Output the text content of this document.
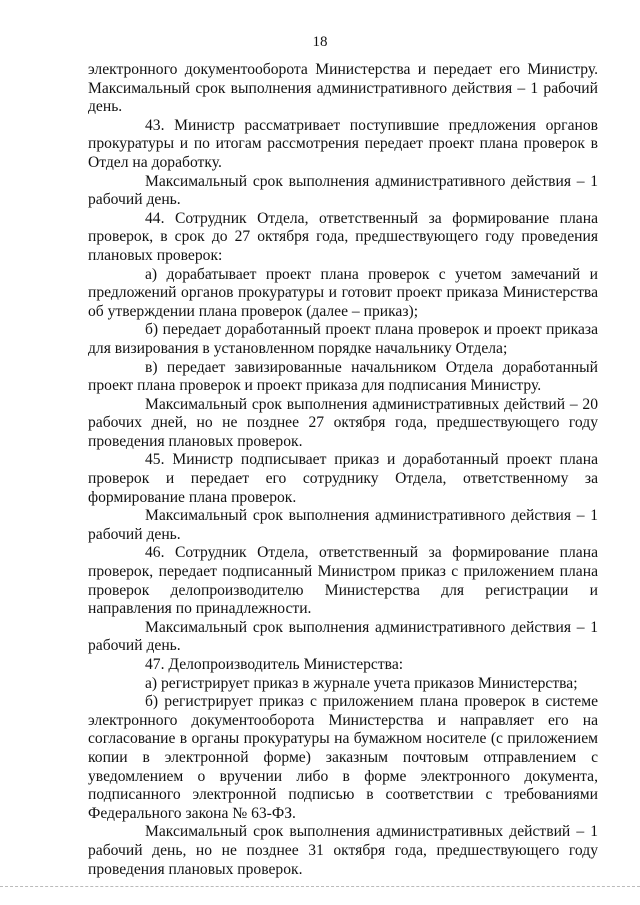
18

электронного документооборота Министерства и передает его Министру. Максимальный срок выполнения административного действия – 1 рабочий день.

43. Министр рассматривает поступившие предложения органов прокуратуры и по итогам рассмотрения передает проект плана проверок в Отдел на доработку.

Максимальный срок выполнения административного действия – 1 рабочий день.

44. Сотрудник Отдела, ответственный за формирование плана проверок, в срок до 27 октября года, предшествующего году проведения плановых проверок:

а) дорабатывает проект плана проверок с учетом замечаний и предложений органов прокуратуры и готовит проект приказа Министерства об утверждении плана проверок (далее – приказ);

б) передает доработанный проект плана проверок и проект приказа для визирования в установленном порядке начальнику Отдела;

в) передает завизированные начальником Отдела доработанный проект плана проверок и проект приказа для подписания Министру.

Максимальный срок выполнения административных действий – 20 рабочих дней, но не позднее 27 октября года, предшествующего году проведения плановых проверок.

45. Министр подписывает приказ и доработанный проект плана проверок и передает его сотруднику Отдела, ответственному за формирование плана проверок.

Максимальный срок выполнения административного действия – 1 рабочий день.

46. Сотрудник Отдела, ответственный за формирование плана проверок, передает подписанный Министром приказ с приложением плана проверок делопроизводителю Министерства для регистрации и направления по принадлежности.

Максимальный срок выполнения административного действия – 1 рабочий день.

47. Делопроизводитель Министерства:

а) регистрирует приказ в журнале учета приказов Министерства;

б) регистрирует приказ с приложением плана проверок в системе электронного документооборота Министерства и направляет его на согласование в органы прокуратуры на бумажном носителе (с приложением копии в электронной форме) заказным почтовым отправлением с уведомлением о вручении либо в форме электронного документа, подписанного электронной подписью в соответствии с требованиями Федерального закона № 63-ФЗ.

Максимальный срок выполнения административных действий – 1 рабочий день, но не позднее 31 октября года, предшествующего году проведения плановых проверок.
